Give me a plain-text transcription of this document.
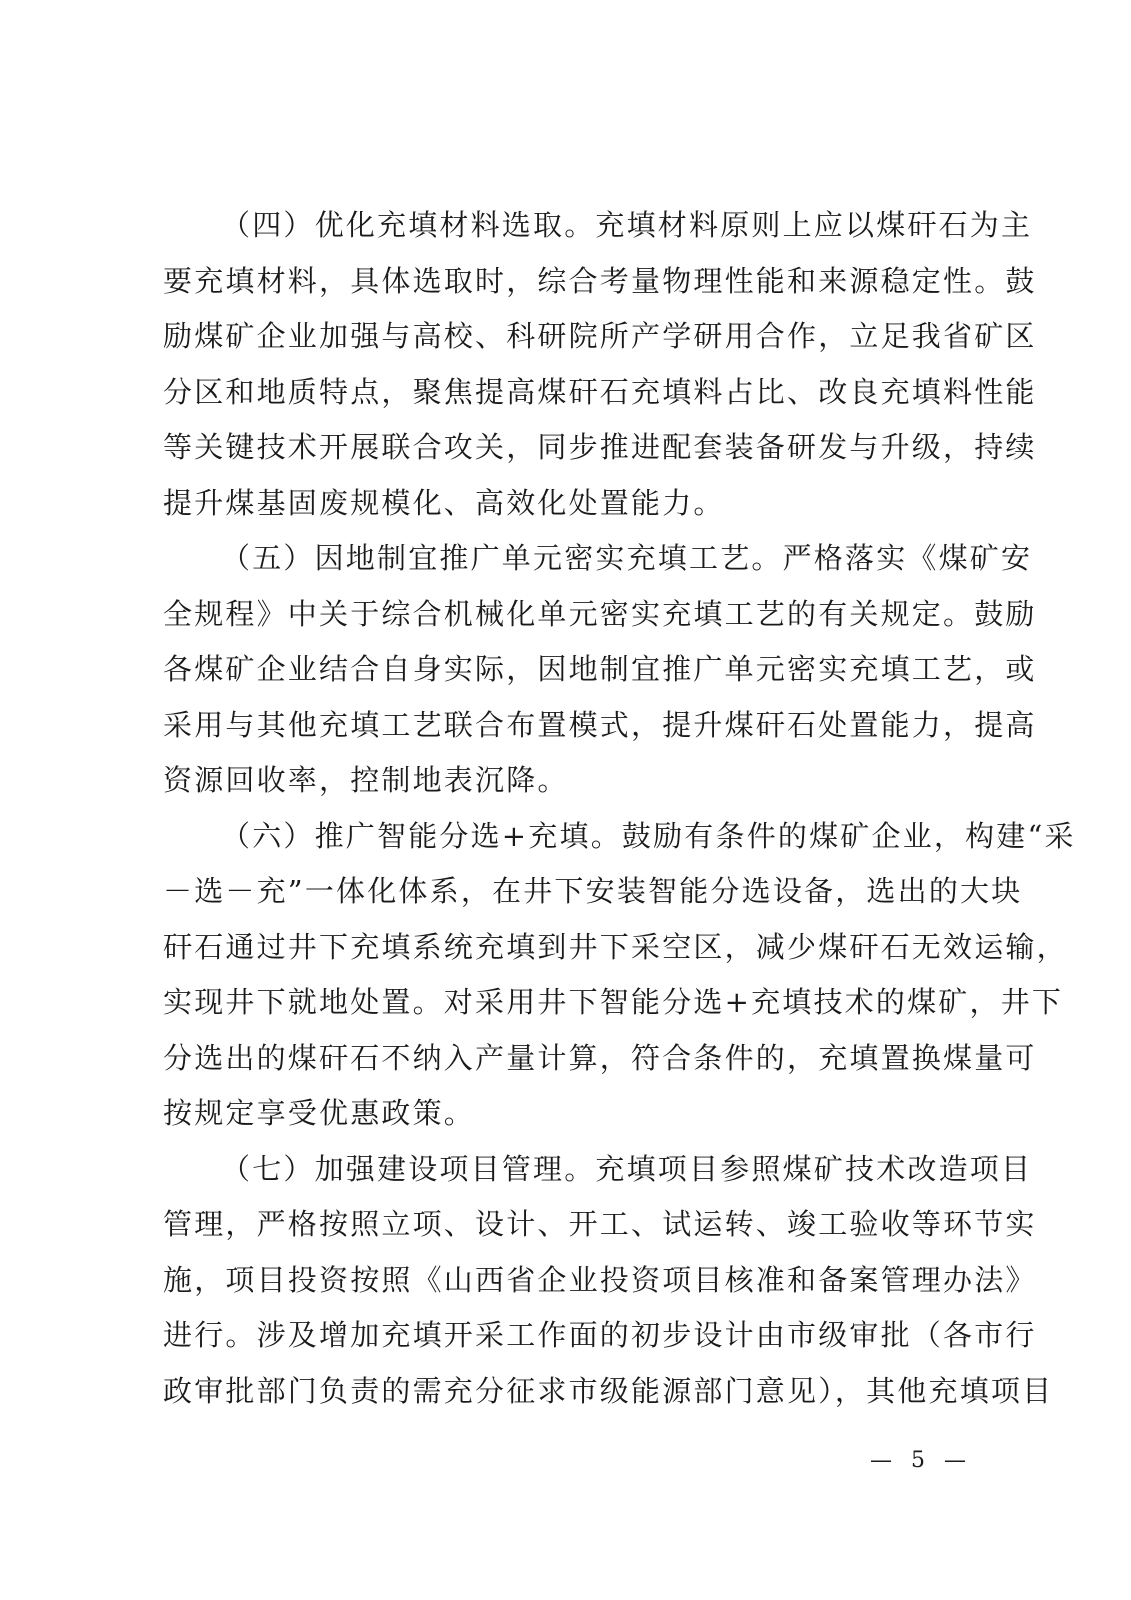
（四）优化充填材料选取。充填材料原则上应以煤矸石为主
要充填材料，具体选取时，综合考量物理性能和来源稳定性。鼓
励煤矿企业加强与高校、科研院所产学研用合作，立足我省矿区
分区和地质特点，聚焦提高煤矸石充填料占比、改良充填料性能
等关键技术开展联合攻关，同步推进配套装备研发与升级，持续
提升煤基固废规模化、高效化处置能力。
（五）因地制宜推广单元密实充填工艺。严格落实《煤矿安
全规程》中关于综合机械化单元密实充填工艺的有关规定。鼓励
各煤矿企业结合自身实际，因地制宜推广单元密实充填工艺，或
采用与其他充填工艺联合布置模式，提升煤矸石处置能力，提高
资源回收率，控制地表沉降。
（六）推广智能分选+充填。鼓励有条件的煤矿企业，构建“采
－选－充”一体化体系，在井下安装智能分选设备，选出的大块
矸石通过井下充填系统充填到井下采空区，减少煤矸石无效运输，
实现井下就地处置。对采用井下智能分选+充填技术的煤矿，井下
分选出的煤矸石不纳入产量计算，符合条件的，充填置换煤量可
按规定享受优惠政策。
（七）加强建设项目管理。充填项目参照煤矿技术改造项目
管理，严格按照立项、设计、开工、试运转、竣工验收等环节实
施，项目投资按照《山西省企业投资项目核准和备案管理办法》
进行。涉及增加充填开采工作面的初步设计由市级审批（各市行
政审批部门负责的需充分征求市级能源部门意见），其他充填项目
— 5 —
